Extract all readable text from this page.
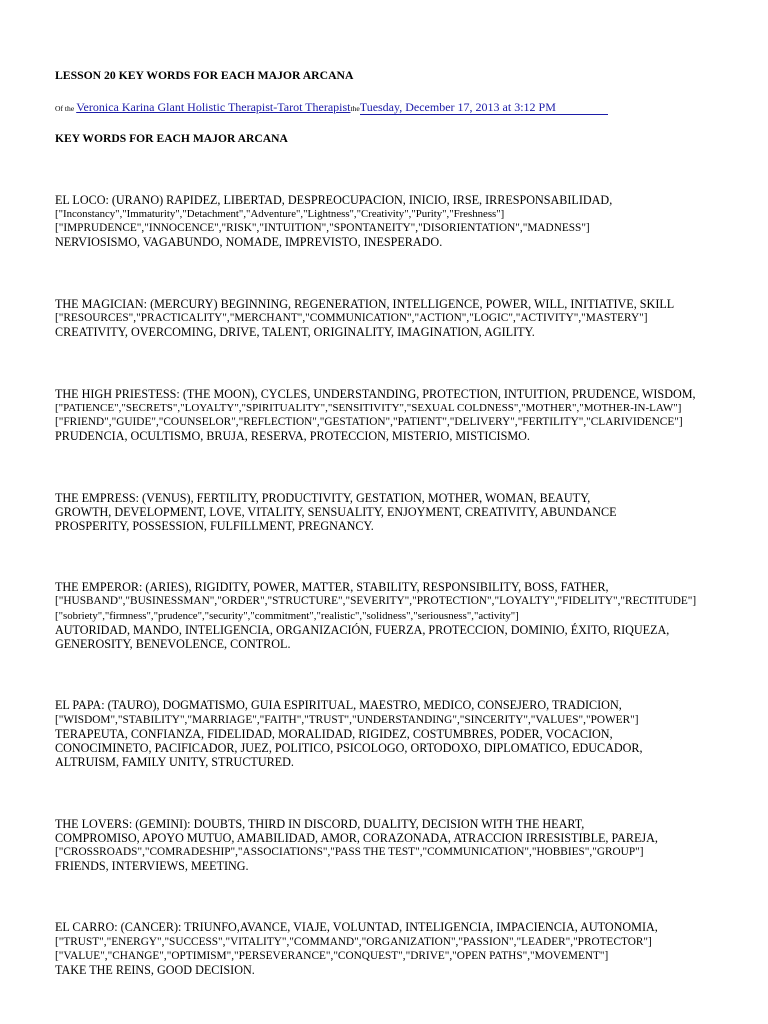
LESSON 20 KEY WORDS FOR EACH MAJOR ARCANA
Of the Veronica Karina Glant Holistic Therapist-Tarot TherapisttheTuesday, December 17, 2013 at 3:12 PM
KEY WORDS FOR EACH MAJOR ARCANA
EL LOCO: (URANO) RAPIDEZ, LIBERTAD, DESPREOCUPACION, INICIO, IRSE, IRRESPONSABILIDAD,
["Inconstancy","Immaturity","Detachment","Adventure","Lightness","Creativity","Purity","Freshness"]
["IMPRUDENCE","INNOCENCE","RISK","INTUITION","SPONTANEITY","DISORIENTATION","MADNESS"]
NERVIOSISMO, VAGABUNDO, NOMADE, IMPREVISTO, INESPERADO.
THE MAGICIAN: (MERCURY) BEGINNING, REGENERATION, INTELLIGENCE, POWER, WILL, INITIATIVE, SKILL
["RESOURCES","PRACTICALITY","MERCHANT","COMMUNICATION","ACTION","LOGIC","ACTIVITY","MASTERY"]
CREATIVITY, OVERCOMING, DRIVE, TALENT, ORIGINALITY, IMAGINATION, AGILITY.
THE HIGH PRIESTESS: (THE MOON), CYCLES, UNDERSTANDING, PROTECTION, INTUITION, PRUDENCE, WISDOM,
["PATIENCE","SECRETS","LOYALTY","SPIRITUALITY","SENSITIVITY","SEXUAL COLDNESS","MOTHER","MOTHER-IN-LAW"]
["FRIEND","GUIDE","COUNSELOR","REFLECTION","GESTATION","PATIENT","DELIVERY","FERTILITY","CLARIVIDENCE"]
PRUDENCIA, OCULTISMO, BRUJA, RESERVA, PROTECCION, MISTERIO, MISTICISMO.
THE EMPRESS: (VENUS), FERTILITY, PRODUCTIVITY, GESTATION, MOTHER, WOMAN, BEAUTY,
GROWTH, DEVELOPMENT, LOVE, VITALITY, SENSUALITY, ENJOYMENT, CREATIVITY, ABUNDANCE
PROSPERITY, POSSESSION, FULFILLMENT, PREGNANCY.
THE EMPEROR: (ARIES), RIGIDITY, POWER, MATTER, STABILITY, RESPONSIBILITY, BOSS, FATHER,
["HUSBAND","BUSINESSMAN","ORDER","STRUCTURE","SEVERITY","PROTECTION","LOYALTY","FIDELITY","RECTITUDE"]
["sobriety","firmness","prudence","security","commitment","realistic","solidness","seriousness","activity"]
AUTORIDAD, MANDO, INTELIGENCIA, ORGANIZACIÓN, FUERZA, PROTECCION, DOMINIO, ÉXITO, RIQUEZA,
GENEROSITY, BENEVOLENCE, CONTROL.
EL PAPA: (TAURO), DOGMATISMO, GUIA ESPIRITUAL, MAESTRO, MEDICO, CONSEJERO, TRADICION,
["WISDOM","STABILITY","MARRIAGE","FAITH","TRUST","UNDERSTANDING","SINCERITY","VALUES","POWER"]
TERAPEUTA, CONFIANZA, FIDELIDAD, MORALIDAD, RIGIDEZ, COSTUMBRES, PODER, VOCACION,
CONOCIMINETO, PACIFICADOR, JUEZ, POLITICO, PSICOLOGO, ORTODOXO, DIPLOMATICO, EDUCADOR,
ALTRUISM, FAMILY UNITY, STRUCTURED.
THE LOVERS: (GEMINI): DOUBTS, THIRD IN DISCORD, DUALITY, DECISION WITH THE HEART,
COMPROMISO, APOYO MUTUO, AMABILIDAD, AMOR, CORAZONADA, ATRACCION IRRESISTIBLE, PAREJA,
["CROSSROADS","COMRADESHIP","ASSOCIATIONS","PASS THE TEST","COMMUNICATION","HOBBIES","GROUP"]
FRIENDS, INTERVIEWS, MEETING.
EL CARRO: (CANCER): TRIUNFO,AVANCE, VIAJE, VOLUNTAD, INTELIGENCIA, IMPACIENCIA, AUTONOMIA,
["TRUST","ENERGY","SUCCESS","VITALITY","COMMAND","ORGANIZATION","PASSION","LEADER","PROTECTOR"]
["VALUE","CHANGE","OPTIMISM","PERSEVERANCE","CONQUEST","DRIVE","OPEN PATHS","MOVEMENT"]
TAKE THE REINS, GOOD DECISION.
